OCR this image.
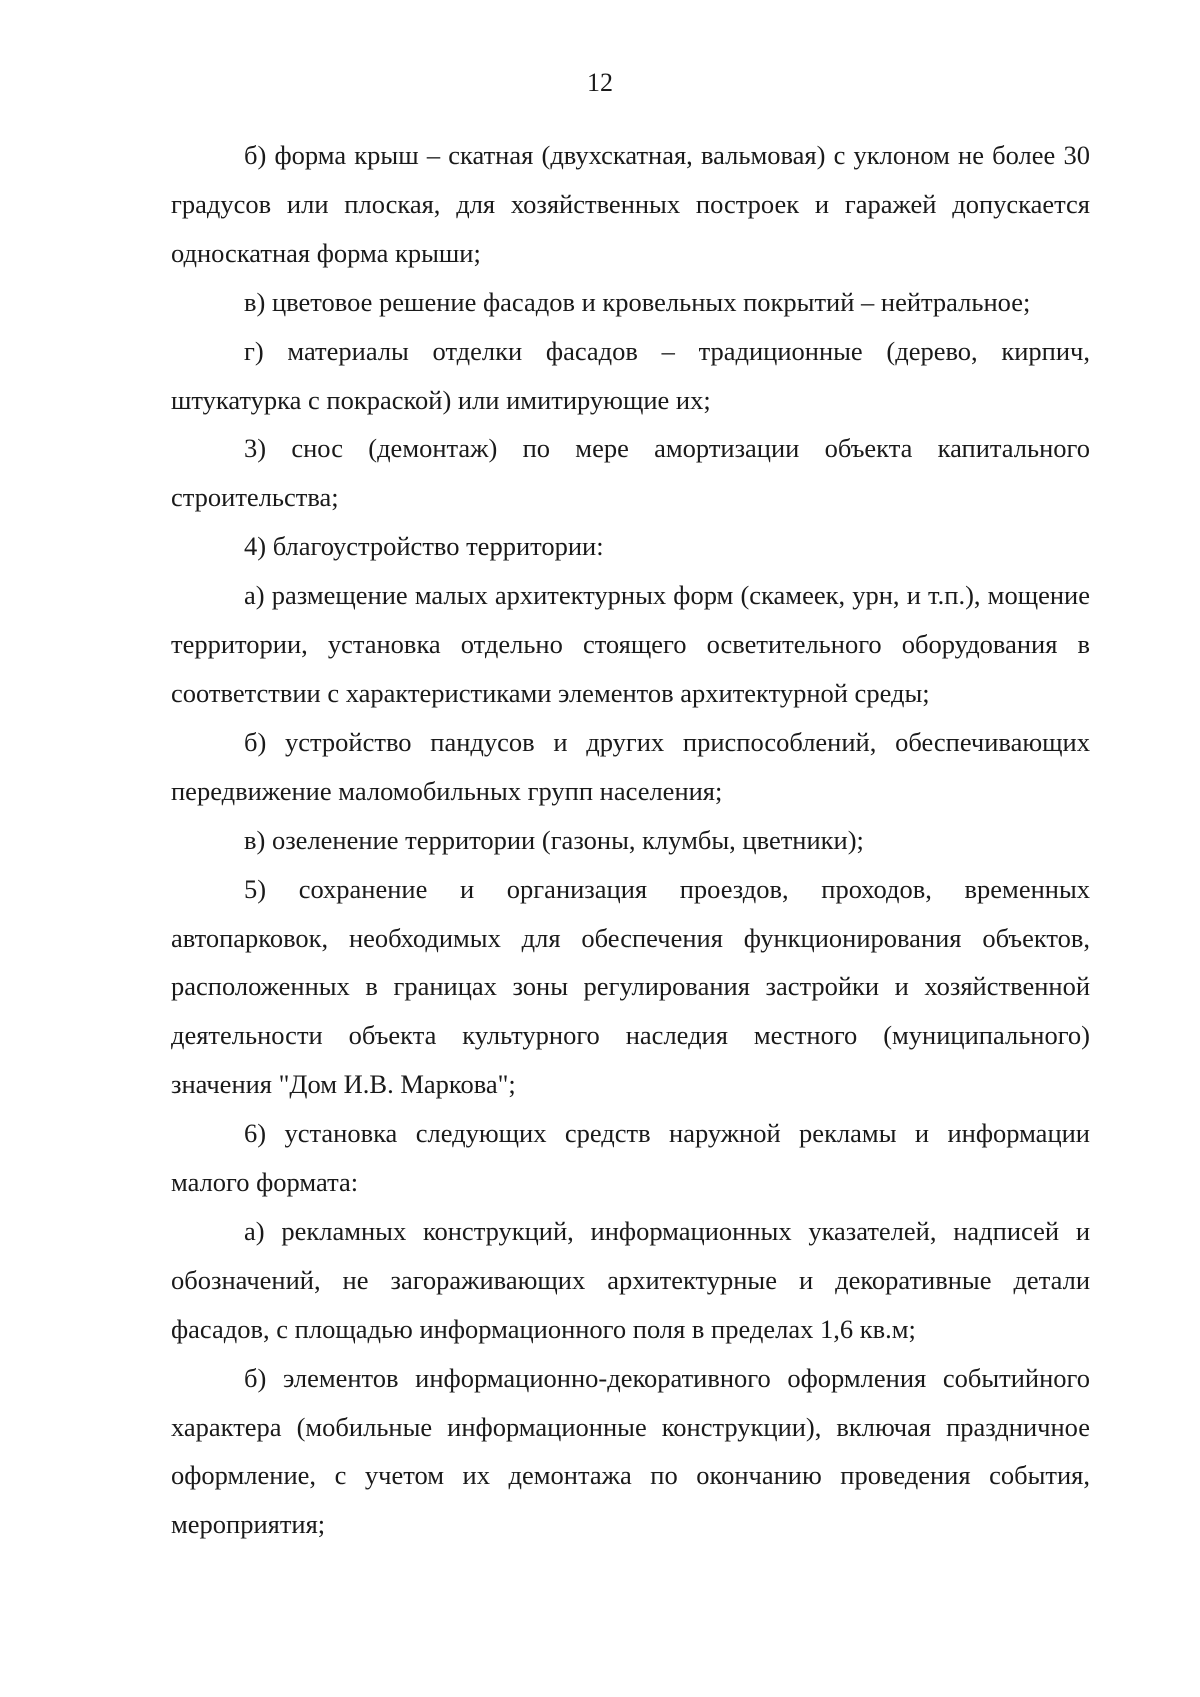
12

б) форма крыш – скатная (двухскатная, вальмовая) с уклоном не более 30 градусов или плоская, для хозяйственных построек и гаражей допускается односкатная форма крыши;

в) цветовое решение фасадов и кровельных покрытий – нейтральное;

г) материалы отделки фасадов – традиционные (дерево, кирпич, штукатурка с покраской) или имитирующие их;

3) снос (демонтаж) по мере амортизации объекта капитального строительства;

4) благоустройство территории:

а) размещение малых архитектурных форм (скамеек, урн, и т.п.), мощение территории, установка отдельно стоящего осветительного оборудования в соответствии с характеристиками элементов архитектурной среды;

б) устройство пандусов и других приспособлений, обеспечивающих передвижение маломобильных групп населения;

в) озеленение территории (газоны, клумбы, цветники);

5) сохранение и организация проездов, проходов, временных автопарковок, необходимых для обеспечения функционирования объектов, расположенных в границах зоны регулирования застройки и хозяйственной деятельности объекта культурного наследия местного (муниципального) значения "Дом И.В. Маркова";

6) установка следующих средств наружной рекламы и информации малого формата:

а) рекламных конструкций, информационных указателей, надписей и обозначений, не загораживающих архитектурные и декоративные детали фасадов, с площадью информационного поля в пределах 1,6 кв.м;

б) элементов информационно-декоративного оформления событийного характера (мобильные информационные конструкции), включая праздничное оформление, с учетом их демонтажа по окончанию проведения события, мероприятия;
